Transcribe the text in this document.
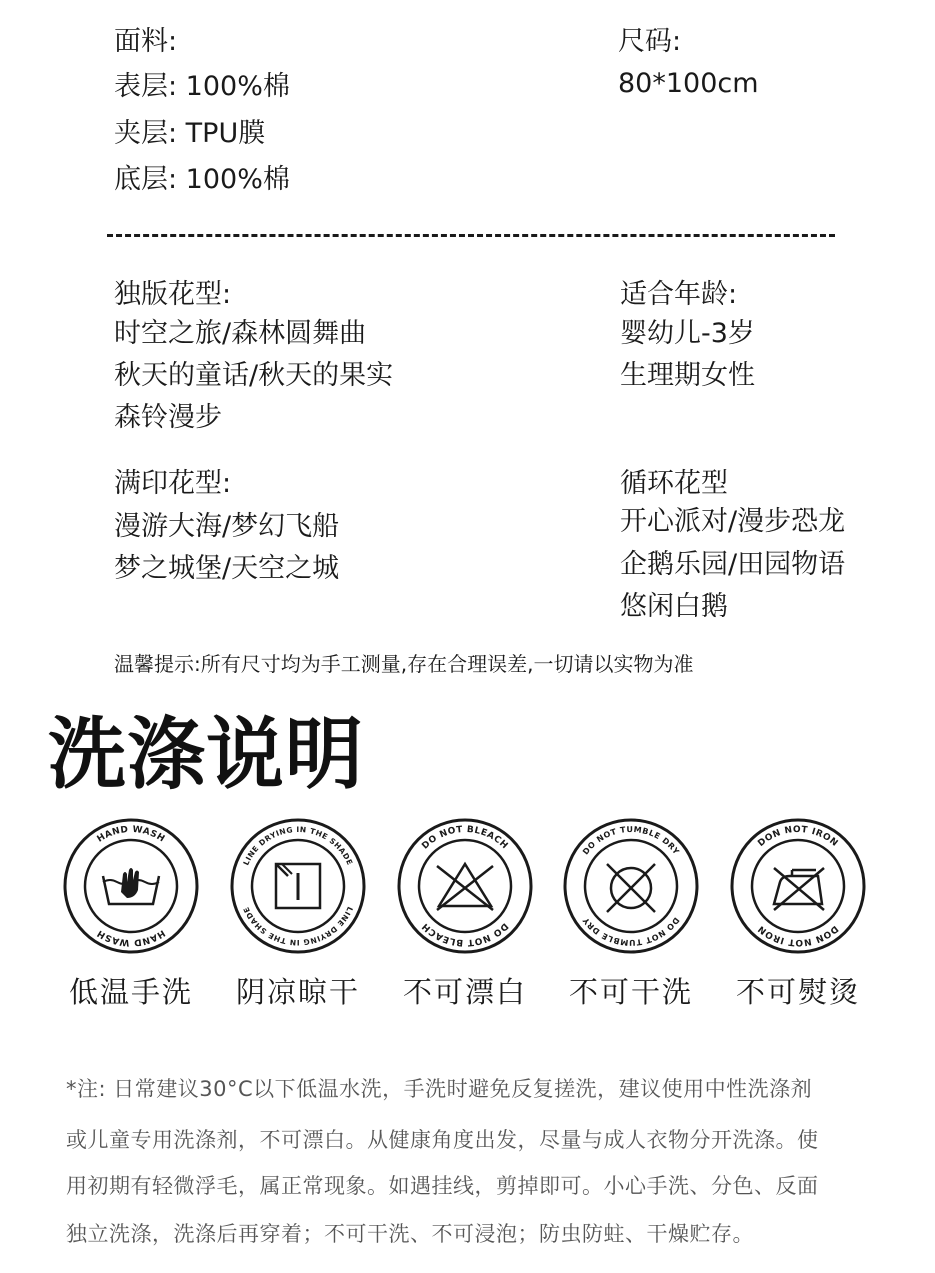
面料:
表层: 100%棉
夹层: TPU膜
底层: 100%棉
尺码:
80*100cm
独版花型:
时空之旅/森林圆舞曲
秋天的童话/秋天的果实
森铃漫步
适合年龄:
婴幼儿-3岁
生理期女性
满印花型:
漫游大海/梦幻飞船
梦之城堡/天空之城
循环花型
开心派对/漫步恐龙
企鹅乐园/田园物语
悠闲白鹅
温馨提示:所有尺寸均为手工测量,存在合理误差,一切请以实物为准
洗涤说明
HAND WASH
HAND WASH
LINE DRYING IN THE SHADE
LINE DRYING IN THE SHADE
DO NOT BLEACH
DO NOT BLEACH
DO NOT TUMBLE DRY
DO NOT TUMBLE DRY
DON NOT IRON
DON NOT IRON
低温手洗	阴凉晾干	不可漂白	不可干洗	不可熨烫
*注: 日常建议30°C以下低温水洗，手洗时避免反复搓洗，建议使用中性洗涤剂
或儿童专用洗涤剂，不可漂白。从健康角度出发，尽量与成人衣物分开洗涤。使
用初期有轻微浮毛，属正常现象。如遇挂线，剪掉即可。小心手洗、分色、反面
独立洗涤，洗涤后再穿着；不可干洗、不可浸泡；防虫防蛀、干燥贮存。
